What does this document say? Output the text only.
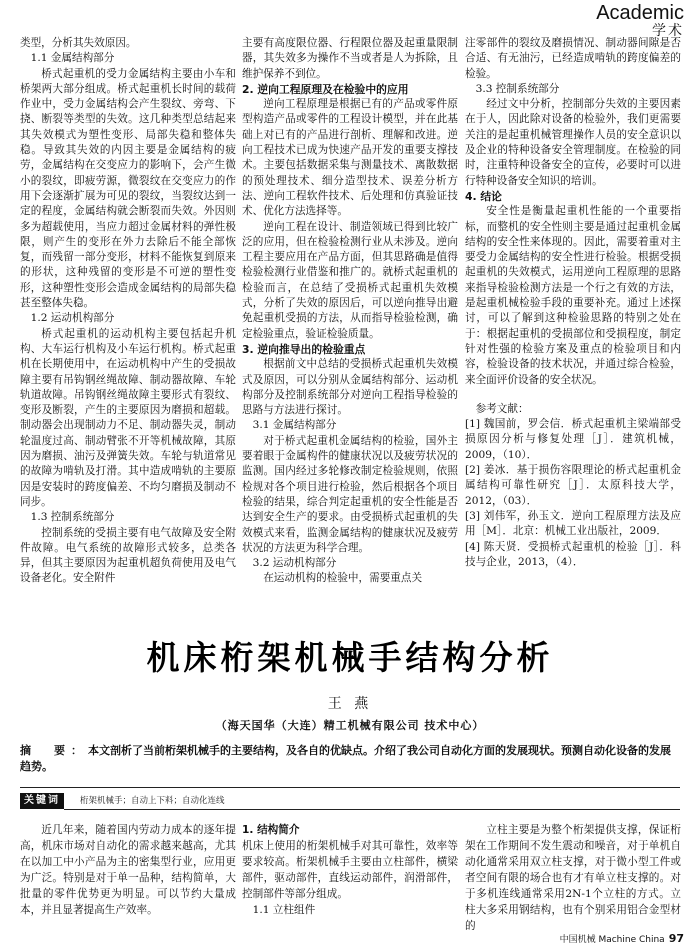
Academic
学术

类型，分析其失效原因。

1.1 金属结构部分

桥式起重机的受力金属结构主要由小车和桥架两大部分组成。桥式起重机长时间的载荷作业中，受力金属结构会产生裂纹、旁弯、下挠、断裂等类型的失效。这几种类型总结起来其失效模式为塑性变形、局部失稳和整体失稳。导致其失效的内因主要是金属结构的疲劳，金属结构在交变应力的影响下，会产生微小的裂纹，即疲劳源，微裂纹在交变应力的作用下会逐渐扩展为可见的裂纹，当裂纹达到一定的程度，金属结构就会断裂而失效。外因则多为超载使用，当应力超过金属材料的弹性极限，则产生的变形在外力去除后不能全部恢复，而残留一部分变形，材料不能恢复到原来的形状，这种残留的变形是不可逆的塑性变形，这种塑性变形会造成金属结构的局部失稳甚至整体失稳。

1.2 运动机构部分

桥式起重机的运动机构主要包括起升机构、大车运行机构及小车运行机构。桥式起重机在长期使用中，在运动机构中产生的受损故障主要有吊钩钢丝绳故障、制动器故障、车轮轨道故障。吊钩钢丝绳故障主要形式有裂纹、变形及断裂，产生的主要原因为磨损和超载。制动器会出现制动力不足、制动器失灵，制动轮温度过高、制动臂张不开等机械故障，其原因为磨损、油污及弹簧失效。车轮与轨道常见的故障为啃轨及打滑。其中造成啃轨的主要原因是安装时的跨度偏差、不均匀磨损及制动不同步。

1.3 控制系统部分

控制系统的受损主要有电气故障及安全附件故障。电气系统的故障形式较多，总类各异，但其主要原因为起重机超负荷使用及电气设备老化。安全附件

主要有高度限位器、行程限位器及起重量限制器，其失效多为操作不当或者是人为拆除，且维护保养不到位。

2. 逆向工程原理及在检验中的应用

逆向工程原理是根据已有的产品或零件原型构造产品或零件的工程设计模型，并在此基础上对已有的产品进行剖析、理解和改进。逆向工程技术已成为快速产品开发的重要支撑技术。主要包括数据采集与测量技术、离散数据的预处理技术、细分造型技术、误差分析方法、逆向工程软件技术、后处理和仿真验证技术、优化方法选择等。

逆向工程在设计、制造领域已得到比较广泛的应用，但在检验检测行业从未涉及。逆向工程主要应用在产品方面，但其思路确是值得检验检测行业借鉴和推广的。就桥式起重机的检验而言，在总结了受损桥式起重机失效模式，分析了失效的原因后，可以逆向推导出避免起重机受损的方法，从而指导检验检测，确定检验重点，验证检验质量。

3. 逆向推导出的检验重点

根据前文中总结的受损桥式起重机失效模式及原因，可以分别从金属结构部分、运动机构部分及控制系统部分对逆向工程指导检验的思路与方法进行探讨。

3.1 金属结构部分

对于桥式起重机金属结构的检验，国外主要着眼于金属构件的健康状况以及疲劳状况的监测。国内经过多轮修改制定检验规则，依照检规对各个项目进行检验，然后根据各个项目检验的结果，综合判定起重机的安全性能是否达到安全生产的要求。由受损桥式起重机的失效模式来看，监测金属结构的健康状况及疲劳状况的方法更为科学合理。

3.2 运动机构部分

在运动机构的检验中，需要重点关

注零部件的裂纹及磨损情况、制动器间隙是否合适、有无油污，已经造成啃轨的跨度偏差的检验。

3.3 控制系统部分

经过文中分析，控制部分失效的主要因素在于人，因此除对设备的检验外，我们更需要关注的是起重机械管理操作人员的安全意识以及企业的特种设备安全管理制度。在检验的同时，注重特种设备安全的宣传，必要时可以进行特种设备安全知识的培训。

4. 结论

安全性是衡量起重机性能的一个重要指标，而整机的安全性则主要是通过起重机金属结构的安全性来体现的。因此，需要着重对主要受力金属结构的安全性进行检验。根据受损起重机的失效模式，运用逆向工程原理的思路来指导检验检测方法是一个行之有效的方法，是起重机械检验手段的重要补充。通过上述探讨，可以了解到这种检验思路的特别之处在于：根据起重机的受损部位和受损程度，制定针对性强的检验方案及重点的检验项目和内容，检验设备的技术状况，并通过综合检验，来全面评价设备的安全状况。

参考文献：

[1] 魏国前，罗会信．桥式起重机主梁端部受损原因分析与修复处理［J］．建筑机械，2009，（10）．

[2] 姜冰．基于损伤容限理论的桥式起重机金属结构可靠性研究［J］．太原科技大学，2012，（03）．

[3] 刘伟军，孙玉文．逆向工程原理方法及应用［M］．北京：机械工业出版社，2009．

[4] 陈天贤．受损桥式起重机的检验［J］．科技与企业，2013，（4）．

机床桁架机械手结构分析
王 燕
（海天国华（大连）精工机械有限公司 技术中心）
摘　要：本文剖析了当前桁架机械手的主要结构，及各自的优缺点。介绍了我公司自动化方面的发展现状。预测自动化设备的发展趋势。
关键词	桁架机械手；自动上下料；自动化连线

近几年来，随着国内劳动力成本的逐年提高，机床市场对自动化的需求越来越高，尤其在以加工中小产品为主的密集型行业，应用更为广泛。特别是对于单一品种，结构简单，大批量的零件优势更为明显。可以节约大量成本，并且显著提高生产效率。

1. 结构简介

机床上使用的桁架机械手对其可靠性，效率等要求较高。桁架机械手主要由立柱部件，横梁部件，驱动部件，直线运动部件，润滑部件，控制部件等部分组成。

1.1 立柱组件

立柱主要是为整个桁架提供支撑，保证桁架在工作期间不发生震动和噪音，对于单机自动化通常采用双立柱支撑，对于微小型工件或者空间有限的场合也有才有单立柱支撑的。对于多机连线通常采用2N-1个立柱的方式。立柱大多采用钢结构，也有个别采用铝合金型材的

中国机械 Machine China 97
